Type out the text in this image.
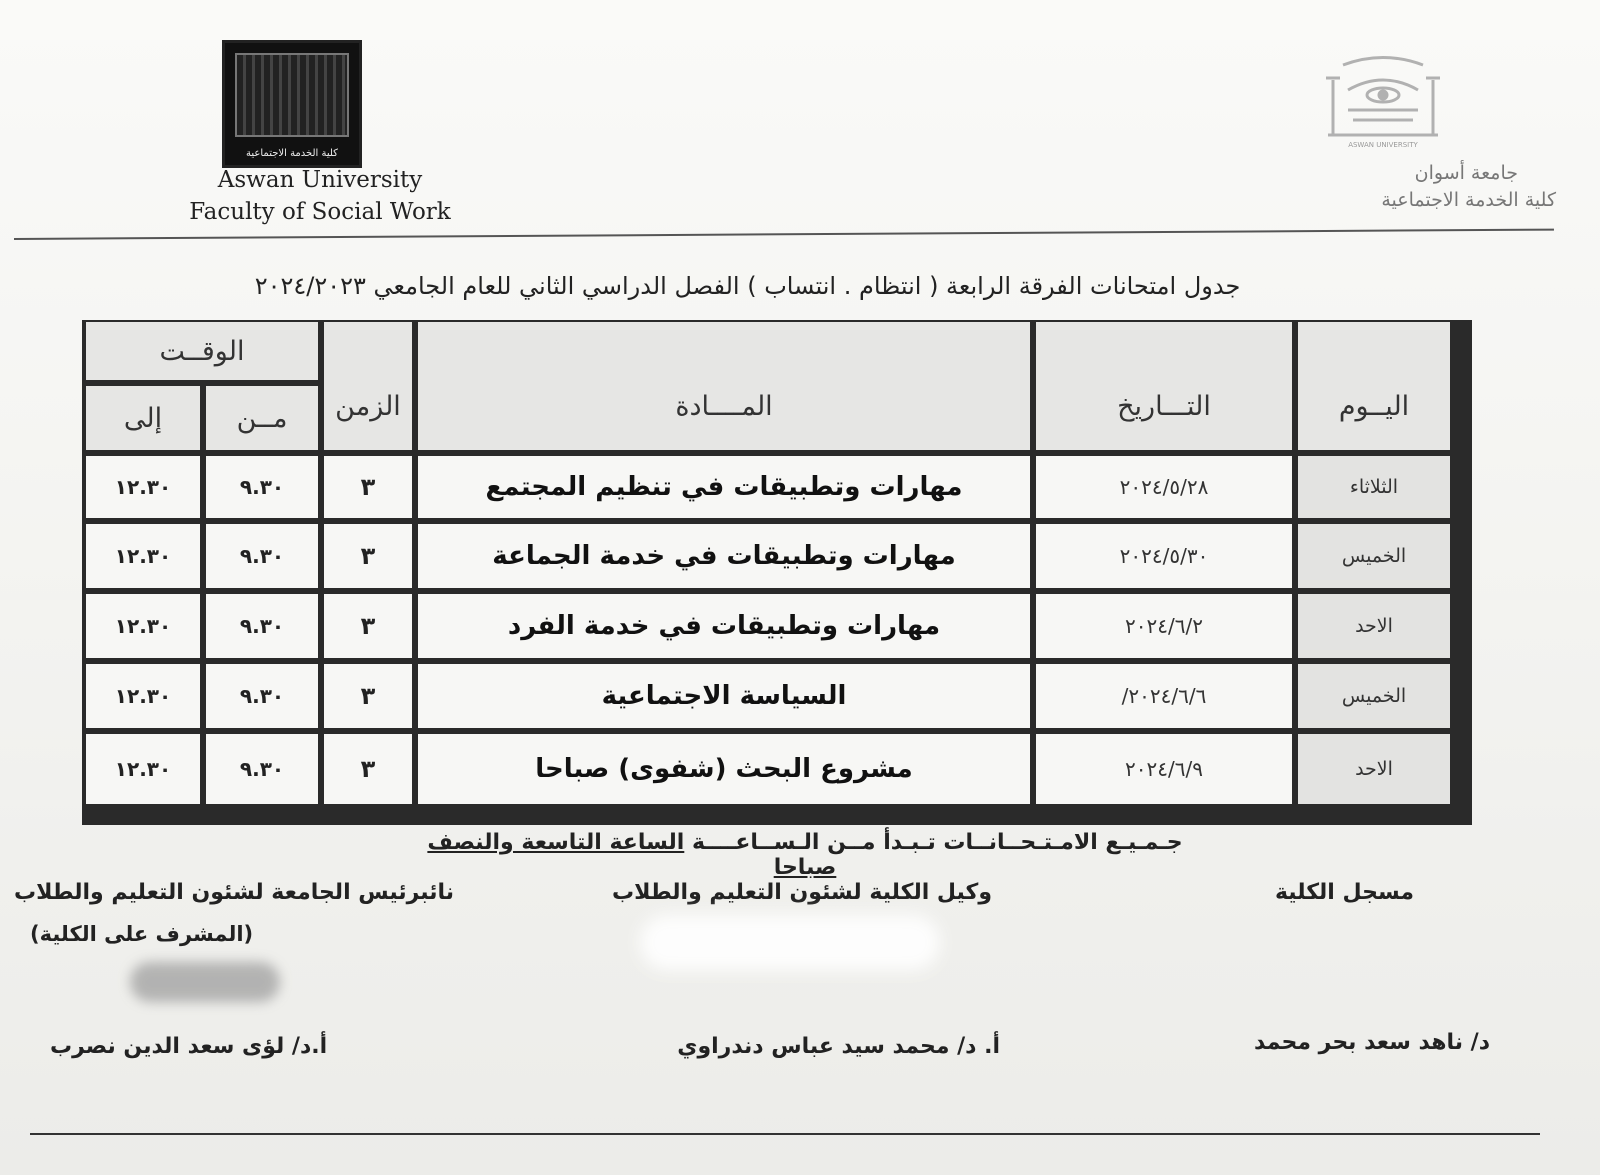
كلية الخدمة الاجتماعية
Aswan University
Faculty of Social Work
ASWAN UNIVERSITY
جامعة أسوان
كلية الخدمة الاجتماعية
جدول امتحانات الفرقة الرابعة ( انتظام . انتساب ) الفصل الدراسي الثاني للعام الجامعي ٢٠٢٤/٢٠٢٣
اليــوم
التـــاريخ
المــــادة
الزمن
الوقــت
مــن
إلى
الثلاثاء
٢٠٢٤/٥/٢٨
مهارات وتطبيقات في تنظيم المجتمع
٣
٩.٣٠
١٢.٣٠
الخميس
٢٠٢٤/٥/٣٠
مهارات وتطبيقات في خدمة الجماعة
٣
٩.٣٠
١٢.٣٠
الاحد
٢٠٢٤/٦/٢
مهارات وتطبيقات في خدمة الفرد
٣
٩.٣٠
١٢.٣٠
الخميس
٢٠٢٤/٦/٦/
السياسة الاجتماعية
٣
٩.٣٠
١٢.٣٠
الاحد
٢٠٢٤/٦/٩
مشروع البحث (شفوى) صباحا
٣
٩.٣٠
١٢.٣٠
جـمـيـع الامـتـحــانــات تـبـدأ مــن الـســاعــــة الساعة التاسعة والنصف صباحا
مسجل الكلية
وكيل الكلية لشئون التعليم والطلاب
نائبرئيس الجامعة لشئون التعليم والطلاب
(المشرف على الكلية)
د/ ناهد سعد بحر محمد
أ. د/ محمد سيد عباس دندراوي
أ.د/ لؤى سعد الدين نصرب
